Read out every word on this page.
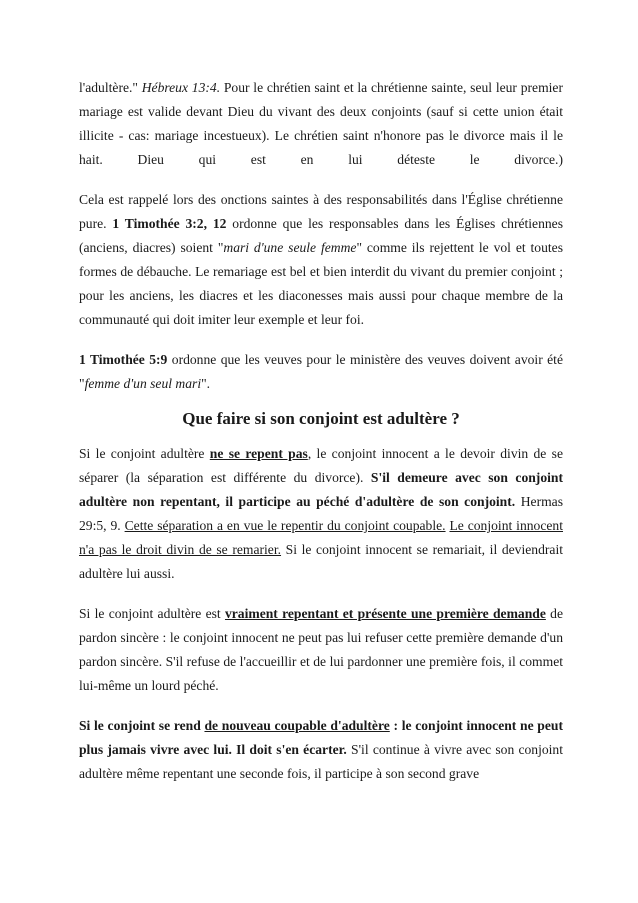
l'adultère." Hébreux 13:4. Pour le chrétien saint et la chrétienne sainte, seul leur premier mariage est valide devant Dieu du vivant des deux conjoints (sauf si cette union était illicite - cas: mariage incestueux). Le chrétien saint n'honore pas le divorce mais il le hait. Dieu qui est en lui déteste le divorce.)

Cela est rappelé lors des onctions saintes à des responsabilités dans l'Église chrétienne pure. 1 Timothée 3:2, 12 ordonne que les responsables dans les Églises chrétiennes (anciens, diacres) soient "mari d'une seule femme" comme ils rejettent le vol et toutes formes de débauche. Le remariage est bel et bien interdit du vivant du premier conjoint ; pour les anciens, les diacres et les diaconesses mais aussi pour chaque membre de la communauté qui doit imiter leur exemple et leur foi.

1 Timothée 5:9 ordonne que les veuves pour le ministère des veuves doivent avoir été "femme d'un seul mari".

Que faire si son conjoint est adultère ?

Si le conjoint adultère ne se repent pas, le conjoint innocent a le devoir divin de se séparer (la séparation est différente du divorce). S'il demeure avec son conjoint adultère non repentant, il participe au péché d'adultère de son conjoint. Hermas 29:5, 9. Cette séparation a en vue le repentir du conjoint coupable. Le conjoint innocent n'a pas le droit divin de se remarier. Si le conjoint innocent se remariait, il deviendrait adultère lui aussi.

Si le conjoint adultère est vraiment repentant et présente une première demande de pardon sincère : le conjoint innocent ne peut pas lui refuser cette première demande d'un pardon sincère. S'il refuse de l'accueillir et de lui pardonner une première fois, il commet lui-même un lourd péché.

Si le conjoint se rend de nouveau coupable d'adultère : le conjoint innocent ne peut plus jamais vivre avec lui. Il doit s'en écarter. S'il continue à vivre avec son conjoint adultère même repentant une seconde fois, il participe à son second grave
